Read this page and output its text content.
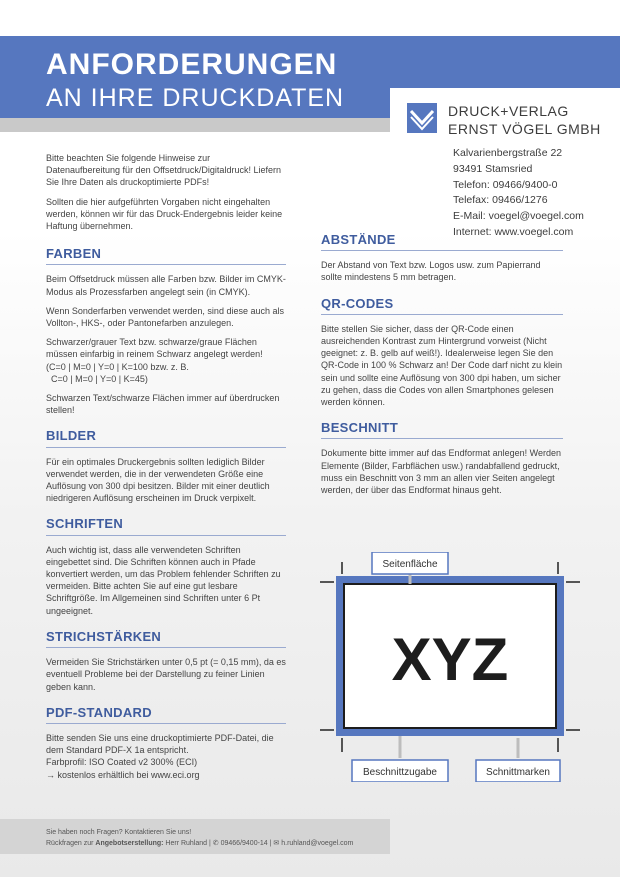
ANFORDERUNGEN
AN IHRE DRUCKDATEN	DRUCK+VERLAG
ERNST VÖGEL GMBH
Kalvarienbergstraße 22
93491 Stamsried
Telefon: 09466/9400-0
Telefax: 09466/1276
E-Mail: voegel@voegel.com
Internet: www.voegel.com

Bitte beachten Sie folgende Hinweise zur Datenaufbereitung für den Offsetdruck/Digitaldruck! Liefern Sie Ihre Daten als druckoptimierte PDFs!

Sollten die hier aufgeführten Vorgaben nicht eingehalten werden, können wir für das Druck-Endergebnis leider keine Haftung übernehmen.

FARBEN

Beim Offsetdruck müssen alle Farben bzw. Bilder im CMYK-Modus als Prozessfarben angelegt sein (in CMYK).

Wenn Sonderfarben verwendet werden, sind diese auch als Vollton-, HKS-, oder Pantonefarben anzulegen.

Schwarzer/grauer Text bzw. schwarze/graue Flächen müssen einfarbig in reinem Schwarz angelegt werden!

(C=0 | M=0 | Y=0 | K=100 bzw. z. B.
C=0 | M=0 | Y=0 | K=45)

Schwarzen Text/schwarze Flächen immer auf überdrucken stellen!

BILDER

Für ein optimales Druckergebnis sollten lediglich Bilder verwendet werden, die in der verwendeten Größe eine Auflösung von 300 dpi besitzen. Bilder mit einer deutlich niedrigeren Auflösung erscheinen im Druck verpixelt.

SCHRIFTEN

Auch wichtig ist, dass alle verwendeten Schriften eingebettet sind. Die Schriften können auch in Pfade konvertiert werden, um das Problem fehlender Schriften zu vermeiden. Bitte achten Sie auf eine gut lesbare Schriftgröße. Im Allgemeinen sind Schriften unter 6 Pt ungeeignet.

STRICHSTÄRKEN

Vermeiden Sie Strichstärken unter 0,5 pt (= 0,15 mm), da es eventuell Probleme bei der Darstellung zu feiner Linien geben kann.

PDF-STANDARD

Bitte senden Sie uns eine druckoptimierte PDF-Datei, die dem Standard PDF-X 1a entspricht.

Farbprofil: ISO Coated v2 300% (ECI)

→ kostenlos erhältlich bei www.eci.org

ABSTÄNDE

Der Abstand von Text bzw. Logos usw. zum Papierrand sollte mindestens 5 mm betragen.

QR-CODES

Bitte stellen Sie sicher, dass der QR-Code einen ausreichenden Kontrast zum Hintergrund vorweist (Nicht geeignet: z. B. gelb auf weiß!). Idealerweise legen Sie den QR-Code in 100 % Schwarz an! Der Code darf nicht zu klein sein und sollte eine Auflösung von 300 dpi haben, um sicher zu gehen, dass die Codes von allen Smartphones gelesen werden können.

BESCHNITT

Dokumente bitte immer auf das Endformat anlegen! Werden Elemente (Bilder, Farbflächen usw.) randabfallend gedruckt, muss ein Beschnitt von 3 mm an allen vier Seiten angelegt werden, der über das Endformat hinaus geht.

XYZ
Seitenfläche
Beschnittzugabe	Schnittmarken
Sie haben noch Fragen? Kontaktieren Sie uns!
Rückfragen zur Angebotserstellung: Herr Ruhland | ✆ 09466/9400-14 | ✉ h.ruhland@voegel.com
